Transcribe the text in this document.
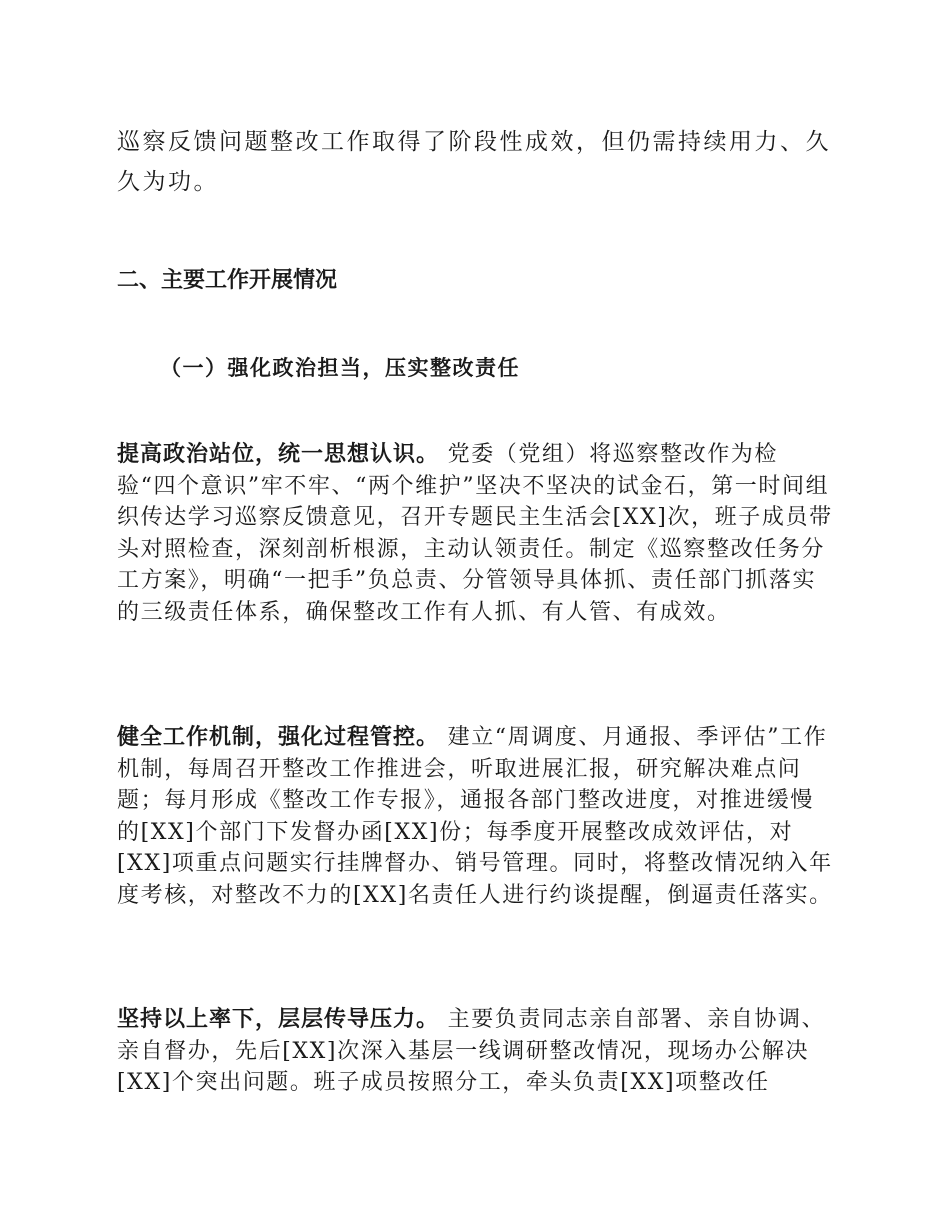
巡察反馈问题整改工作取得了阶段性成效，但仍需持续用力、久久为功。

二、主要工作开展情况
（一）强化政治担当，压实整改责任

提高政治站位，统一思想认识。 党委（党组）将巡察整改作为检验“四个意识”牢不牢、“两个维护”坚决不坚决的试金石，第一时间组织传达学习巡察反馈意见，召开专题民主生活会[XX]次，班子成员带头对照检查，深刻剖析根源，主动认领责任。制定《巡察整改任务分工方案》，明确“一把手”负总责、分管领导具体抓、责任部门抓落实的三级责任体系，确保整改工作有人抓、有人管、有成效。

健全工作机制，强化过程管控。 建立“周调度、月通报、季评估”工作机制，每周召开整改工作推进会，听取进展汇报，研究解决难点问题；每月形成《整改工作专报》，通报各部门整改进度，对推进缓慢的[XX]个部门下发督办函[XX]份；每季度开展整改成效评估，对[XX]项重点问题实行挂牌督办、销号管理。同时，将整改情况纳入年度考核，对整改不力的[XX]名责任人进行约谈提醒，倒逼责任落实。

坚持以上率下，层层传导压力。 主要负责同志亲自部署、亲自协调、亲自督办，先后[XX]次深入基层一线调研整改情况，现场办公解决[XX]个突出问题。班子成员按照分工，牵头负责[XX]项整改任
